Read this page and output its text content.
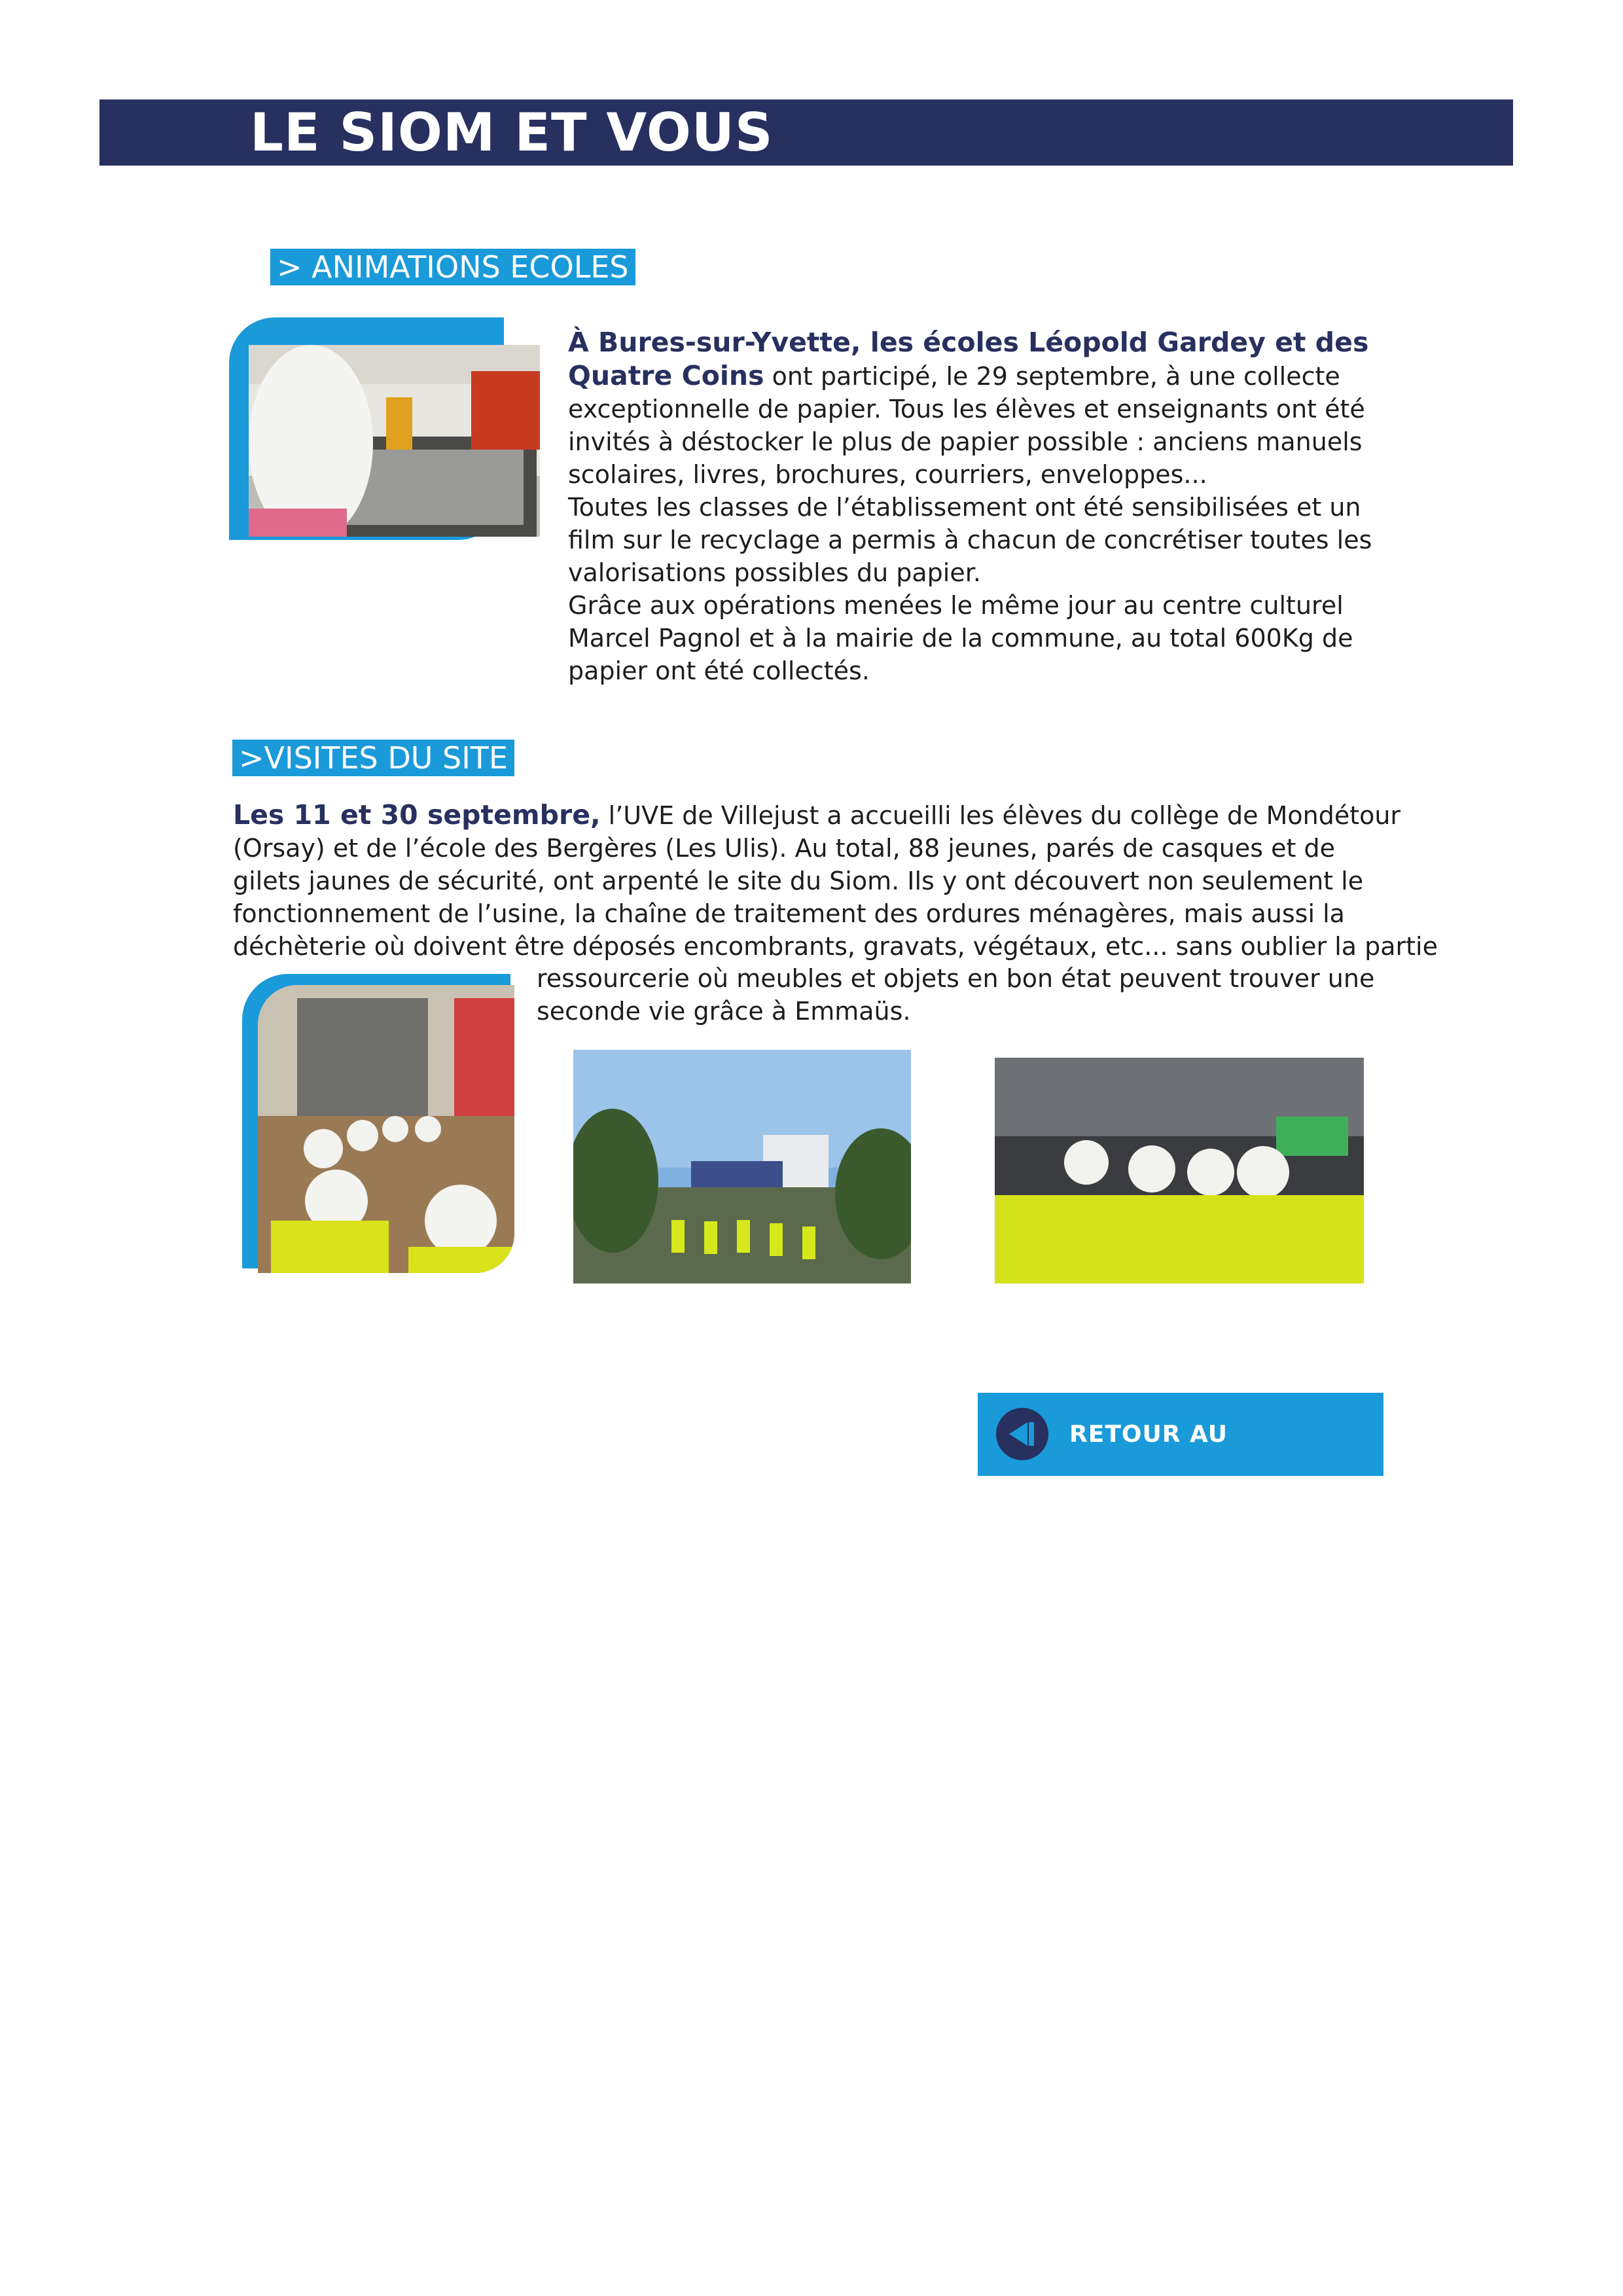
LE SIOM ET VOUS
> ANIMATIONS ECOLES

À Bures-sur-Yvette, les écoles Léopold Gardey et des Quatre Coins ont participé, le 29 septembre, à une collecte exceptionnelle de papier. Tous les élèves et enseignants ont été invités à déstocker le plus de papier possible : anciens manuels scolaires, livres, brochures, courriers, enveloppes...
Toutes les classes de l’établissement ont été sensibilisées et un film sur le recyclage a permis à chacun de concrétiser toutes les valorisations possibles du papier.
Grâce aux opérations menées le même jour au centre culturel Marcel Pagnol et à la mairie de la commune, au total 600Kg de papier ont été collectés.

>VISITES DU SITE

Les 11 et 30 septembre, l’UVE de Villejust a accueilli les élèves du collège de Mondétour
(Orsay) et de l’école des Bergères (Les Ulis). Au total, 88 jeunes, parés de casques et de
gilets jaunes de sécurité, ont arpenté le site du Siom. Ils y ont découvert non seulement le
fonctionnement de l’usine, la chaîne de traitement des ordures ménagères, mais aussi la
déchèterie où doivent être déposés encombrants, gravats, végétaux, etc... sans oublier la partie

ressourcerie où meubles et objets en bon état peuvent trouver une
seconde vie grâce à Emmaüs.

RETOUR AU SOMMAIRE
